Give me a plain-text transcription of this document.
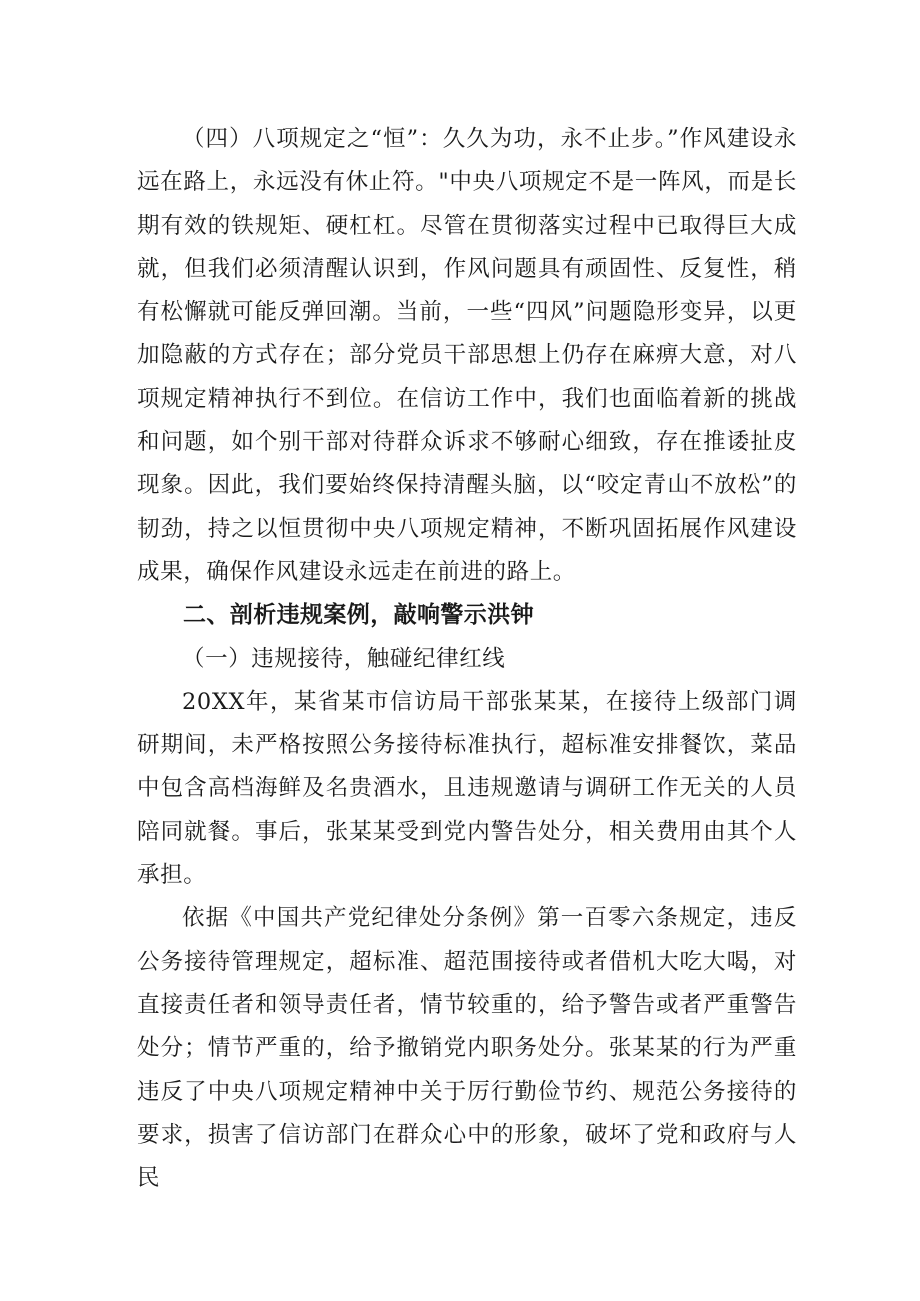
（四）八项规定之“恒”：久久为功，永不止步。”作风建设永远在路上，永远没有休止符。"中央八项规定不是一阵风，而是长期有效的铁规矩、硬杠杠。尽管在贯彻落实过程中已取得巨大成就，但我们必须清醒认识到，作风问题具有顽固性、反复性，稍有松懈就可能反弹回潮。当前，一些“四风”问题隐形变异，以更加隐蔽的方式存在；部分党员干部思想上仍存在麻痹大意，对八项规定精神执行不到位。在信访工作中，我们也面临着新的挑战和问题，如个别干部对待群众诉求不够耐心细致，存在推诿扯皮现象。因此，我们要始终保持清醒头脑，以“咬定青山不放松”的韧劲，持之以恒贯彻中央八项规定精神，不断巩固拓展作风建设成果，确保作风建设永远走在前进的路上。

二、剖析违规案例，敲响警示洪钟

（一）违规接待，触碰纪律红线

20XX年，某省某市信访局干部张某某，在接待上级部门调研期间，未严格按照公务接待标准执行，超标准安排餐饮，菜品中包含高档海鲜及名贵酒水，且违规邀请与调研工作无关的人员陪同就餐。事后，张某某受到党内警告处分，相关费用由其个人承担。

依据《中国共产党纪律处分条例》第一百零六条规定，违反公务接待管理规定，超标准、超范围接待或者借机大吃大喝，对直接责任者和领导责任者，情节较重的，给予警告或者严重警告处分；情节严重的，给予撤销党内职务处分。张某某的行为严重违反了中央八项规定精神中关于厉行勤俭节约、规范公务接待的要求，损害了信访部门在群众心中的形象，破坏了党和政府与人民
